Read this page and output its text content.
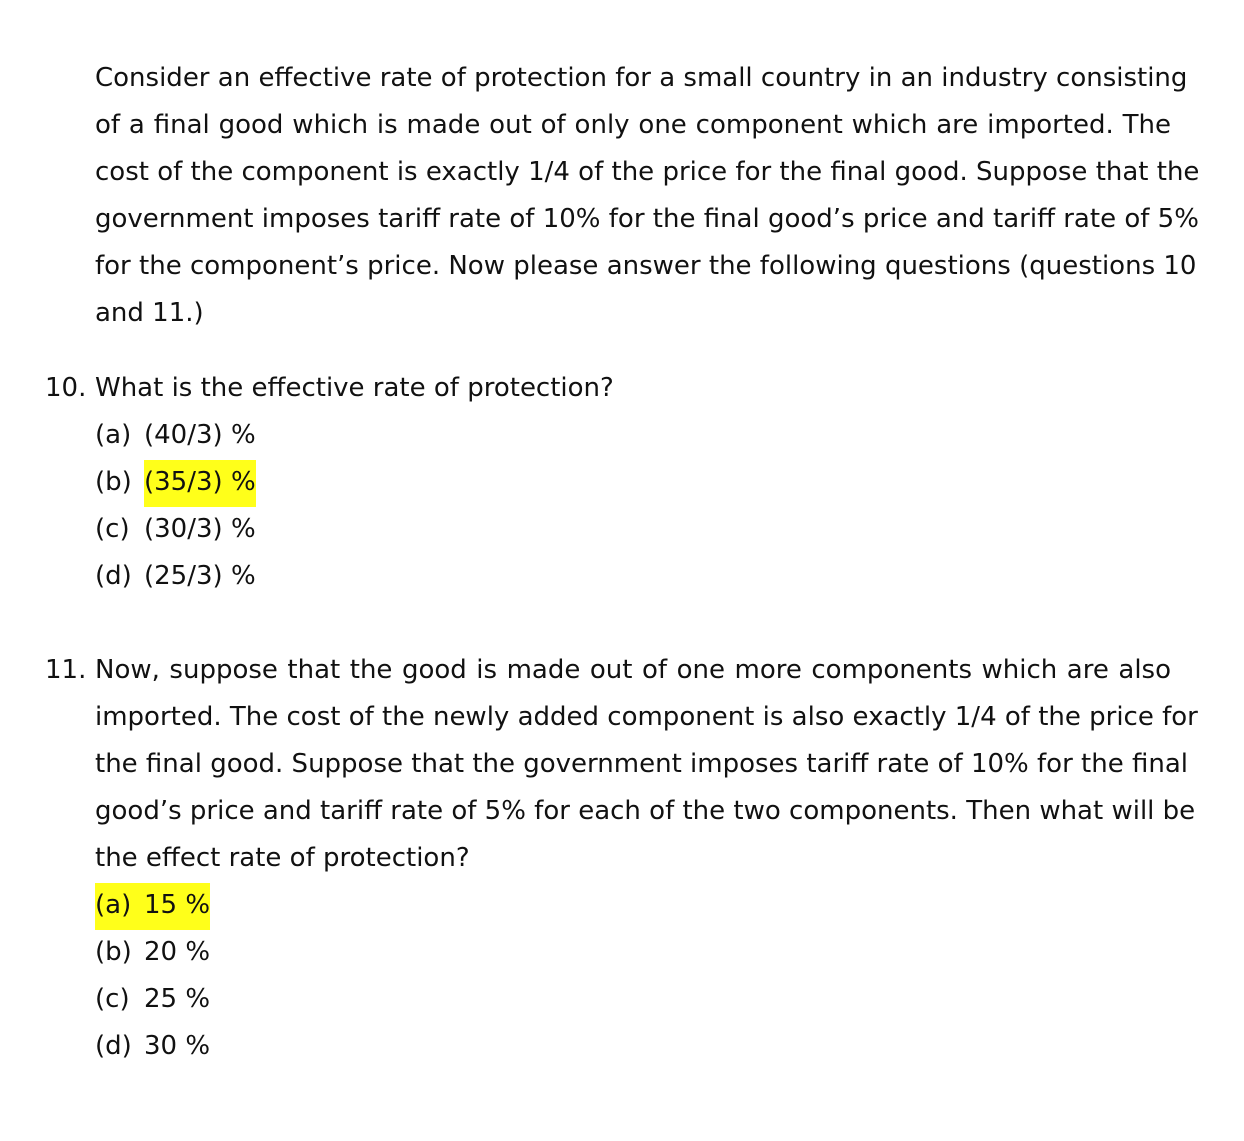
Consider an effective rate of protection for a small country in an industry consisting
of a final good which is made out of only one component which are imported. The
cost of the component is exactly 1/4 of the price for the final good. Suppose that the
government imposes tariff rate of 10% for the final good’s price and tariff rate of 5%
for the component’s price. Now please answer the following questions (questions 10
and 11.)
10. What is the effective rate of protection?
(a) (40/3) %
(b) (35/3) %
(c) (30/3) %
(d) (25/3) %
11. Now, suppose that the good is made out of one more components which are also
imported. The cost of the newly added component is also exactly 1/4 of the price for
the final good. Suppose that the government imposes tariff rate of 10% for the final
good’s price and tariff rate of 5% for each of the two components. Then what will be
the effect rate of protection?
(a) 15 %
(b) 20 %
(c) 25 %
(d) 30 %
